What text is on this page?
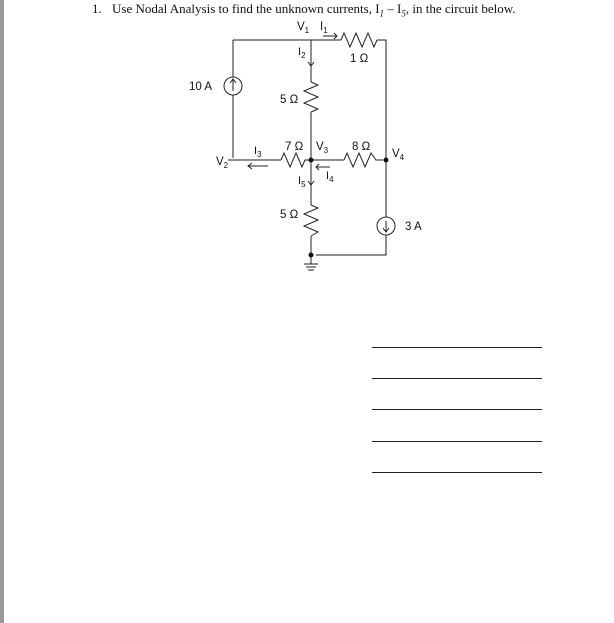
1. Use Nodal Analysis to find the unknown currents, $I_1 - I_5$, in the circuit below.
$V_1$ $I_1$
$I_2$	1 Ω
10 A
5 Ω
7 Ω $V_3$ 8 Ω
$I_3$
$V_2$
$V_4$
$I_4$
$I_5$
5 Ω
3 A
